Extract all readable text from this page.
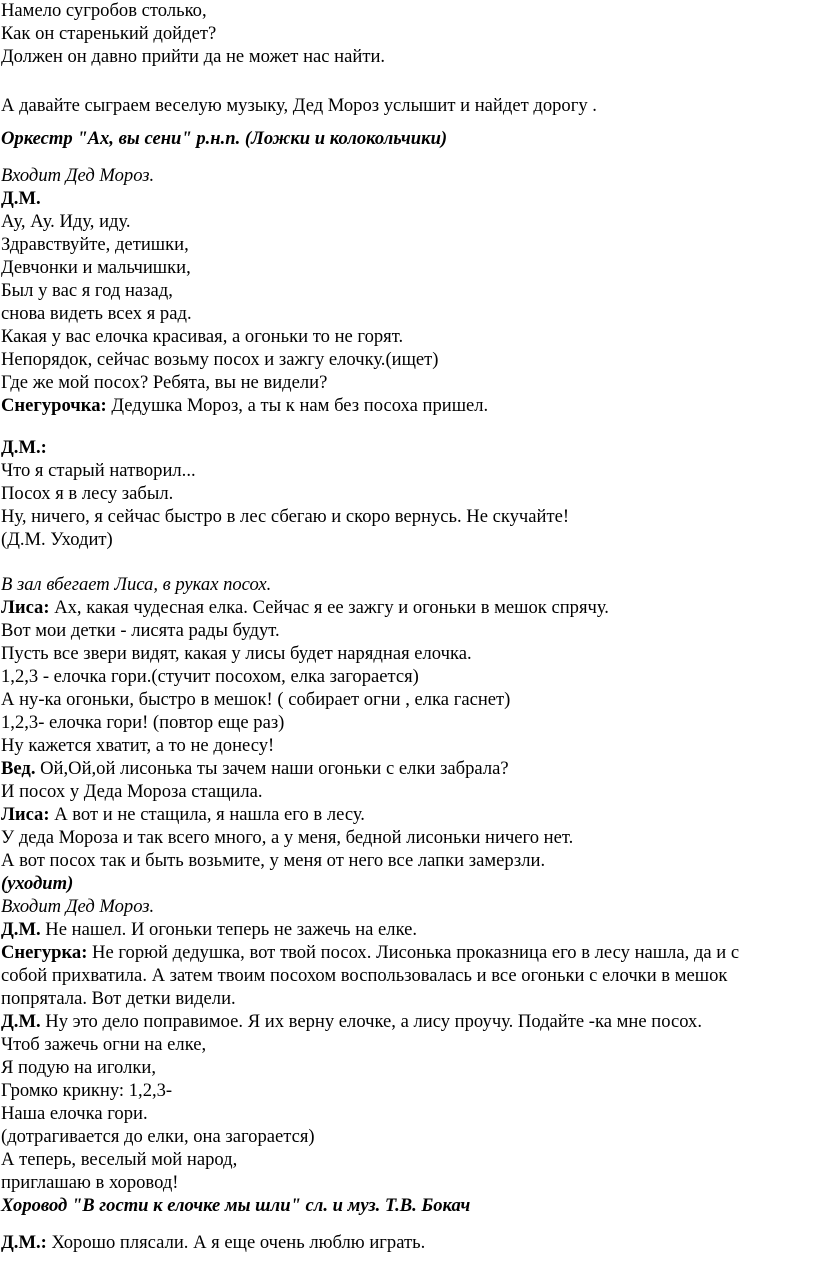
Намело сугробов столько,
Как он старенький дойдет?
Должен он давно прийти да не может нас найти.
А давайте сыграем веселую музыку, Дед Мороз услышит и найдет дорогу .
Оркестр "Ах, вы сени" р.н.п. (Ложки и колокольчики)
Входит Дед Мороз.
Д.М.
Ау, Ау. Иду, иду.
Здравствуйте, детишки,
Девчонки и мальчишки,
Был у вас я год назад,
снова видеть всех я рад.
Какая у вас елочка красивая, а огоньки то не горят.
Непорядок, сейчас возьму посох и зажгу елочку.(ищет)
Где же мой посох? Ребята, вы не видели?
Снегурочка: Дедушка Мороз, а ты к нам без посоха пришел.
Д.М.:
Что я старый натворил...
Посох я в лесу забыл.
Ну, ничего, я сейчас быстро в лес сбегаю и скоро вернусь. Не скучайте!
(Д.М. Уходит)
В зал вбегает Лиса, в руках посох.
Лиса: Ах, какая чудесная елка. Сейчас я ее зажгу и огоньки в мешок спрячу.
Вот мои детки - лисята рады будут.
Пусть все звери видят, какая у лисы будет нарядная елочка.
1,2,3 - елочка гори.(стучит посохом, елка загорается)
А ну-ка огоньки, быстро в мешок! ( собирает огни , елка гаснет)
1,2,3- елочка гори! (повтор еще раз)
Ну кажется хватит, а то не донесу!
Вед. Ой,Ой,ой лисонька ты зачем наши огоньки с елки забрала?
И посох у Деда Мороза стащила.
Лиса: А вот и не стащила, я нашла его в лесу.
У деда Мороза и так всего много, а у меня, бедной лисоньки ничего нет.
А вот посох так и быть возьмите, у меня от него все лапки замерзли.
(уходит)
Входит Дед Мороз.
Д.М. Не нашел. И огоньки теперь не зажечь на елке.
Снегурка: Не горюй дедушка, вот твой посох. Лисонька проказница его в лесу нашла, да и с
собой прихватила. А затем твоим посохом воспользовалась и все огоньки с елочки в мешок
попрятала. Вот детки видели.
Д.М. Ну это дело поправимое. Я их верну елочке, а лису проучу. Подайте -ка мне посох.
Чтоб зажечь огни на елке,
Я подую на иголки,
Громко крикну: 1,2,3-
Наша елочка гори.
(дотрагивается до елки, она загорается)
А теперь, веселый мой народ,
приглашаю в хоровод!
Хоровод "В гости к елочке мы шли" сл. и муз. Т.В. Бокач
Д.М.: Хорошо плясали. А я еще очень люблю играть.
